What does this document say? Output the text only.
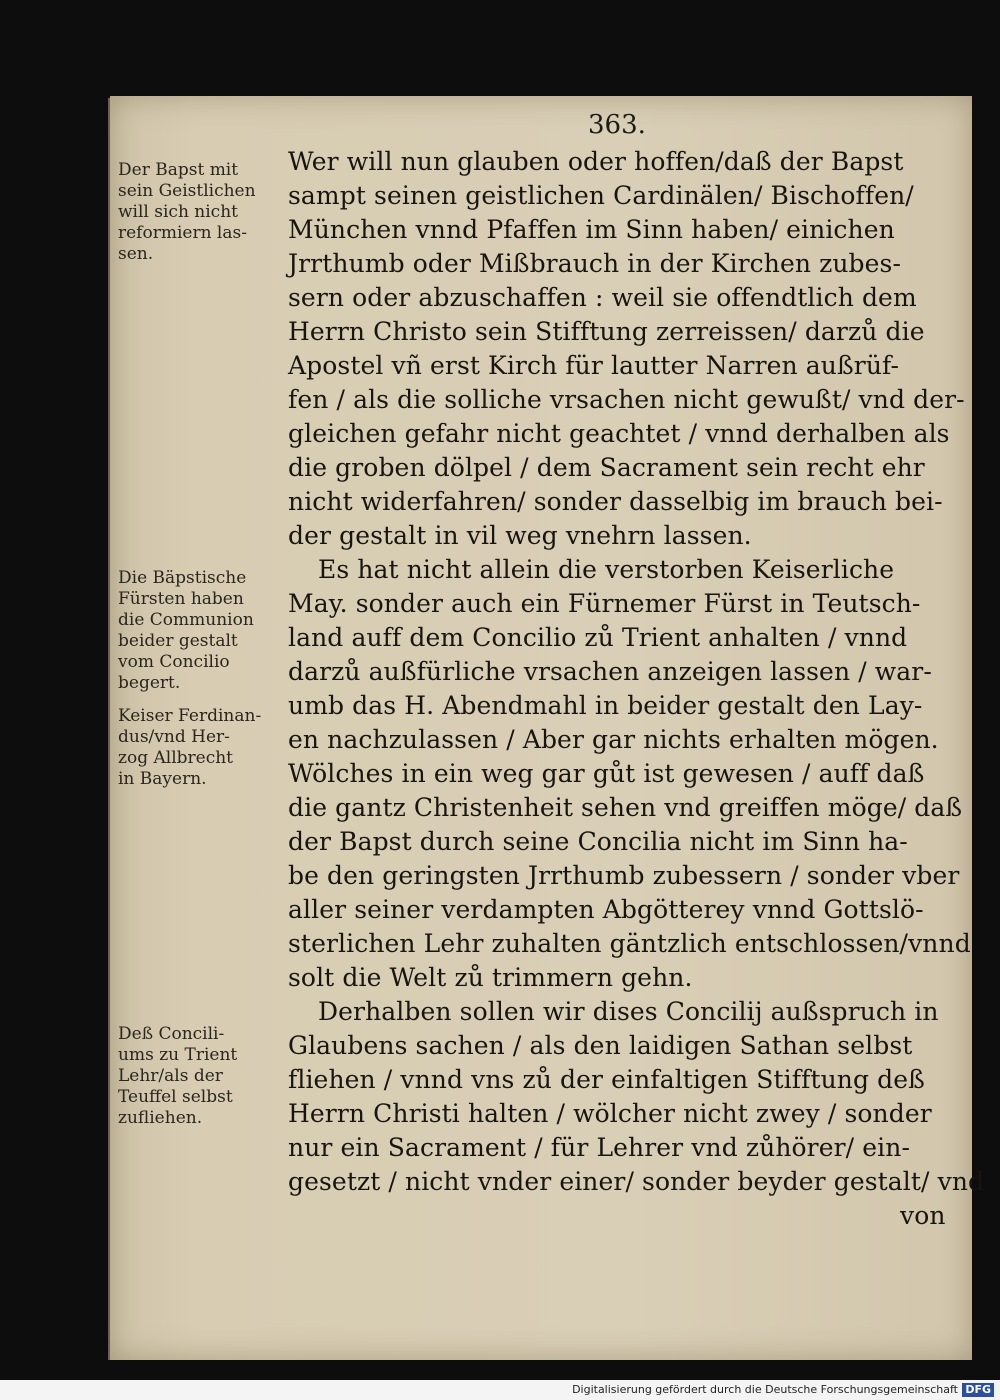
363.
Der Bapst mit
sein Geistlichen
will sich nicht
reformiern las-
sen.
Die Bäpstische
Fürsten haben
die Communion
beider gestalt
vom Concilio
begert.
Keiser Ferdinan-
dus/vnd Her-
zog Allbrecht
in Bayern.
Deß Concili-
ums zu Trient
Lehr/als der
Teuffel selbst
zufliehen.
Wer will nun glauben oder hoffen/daß der Bapst
sampt seinen geistlichen Cardinälen/ Bischoffen/
München vnnd Pfaffen im Sinn haben/ einichen
Jrrthumb oder Mißbrauch in der Kirchen zubes-
sern oder abzuschaffen : weil sie offendtlich dem
Herrn Christo sein Stifftung zerreissen/ darzů die
Apostel vñ erst Kirch für lautter Narren außrüf-
fen / als die solliche vrsachen nicht gewußt/ vnd der-
gleichen gefahr nicht geachtet / vnnd derhalben als
die groben dölpel / dem Sacrament sein recht ehr
nicht widerfahren/ sonder dasselbig im brauch bei-
der gestalt in vil weg vnehrn lassen.
Es hat nicht allein die verstorben Keiserliche
May. sonder auch ein Fürnemer Fürst in Teutsch-
land auff dem Concilio zů Trient anhalten / vnnd
darzů außfürliche vrsachen anzeigen lassen / war-
umb das H. Abendmahl in beider gestalt den Lay-
en nachzulassen / Aber gar nichts erhalten mögen.
Wölches in ein weg gar gůt ist gewesen / auff daß
die gantz Christenheit sehen vnd greiffen möge/ daß
der Bapst durch seine Concilia nicht im Sinn ha-
be den geringsten Jrrthumb zubessern / sonder vber
aller seiner verdampten Abgötterey vnnd Gottslö-
sterlichen Lehr zuhalten gäntzlich entschlossen/vnnd
solt die Welt zů trimmern gehn.
Derhalben sollen wir dises Concilij außspruch in
Glaubens sachen / als den laidigen Sathan selbst
fliehen / vnnd vns zů der einfaltigen Stifftung deß
Herrn Christi halten / wölcher nicht zwey / sonder
nur ein Sacrament / für Lehrer vnd zůhörer/ ein-
gesetzt / nicht vnder einer/ sonder beyder gestalt/ vnd
von
Digitalisierung gefördert durch die Deutsche Forschungsgemeinschaft DFG
